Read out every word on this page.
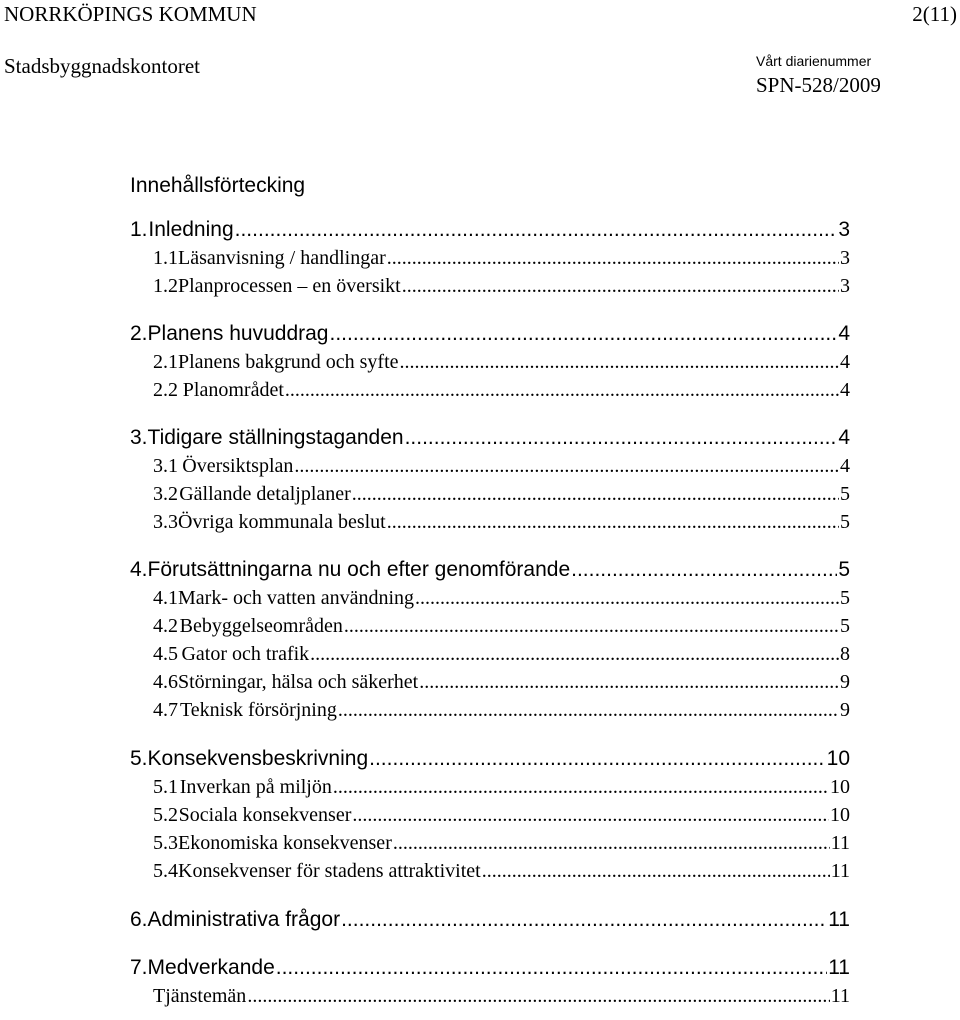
NORRKÖPINGS KOMMUN	2(11)
Stadsbyggnadskontoret	Vårt diarienummer
SPN-528/2009
Innehållsförtecking
1. Inledning .....	3
1.1 Läsanvisning / handlingar .....	3
1.2 Planprocessen – en översikt .....	3
2. Planens huvuddrag .....	4
2.1 Planens bakgrund och syfte .....	4
2.2 Planområdet .....	4
3. Tidigare ställningstaganden .....	4
3.1 Översiktsplan .....	4
3.2 Gällande detaljplaner .....	5
3.3 Övriga kommunala beslut .....	5
4. Förutsättningarna nu och efter genomförande .....	5
4.1 Mark- och vatten användning .....	5
4.2 Bebyggelseområden .....	5
4.5 Gator och trafik .....	8
4.6 Störningar, hälsa och säkerhet .....	9
4.7 Teknisk försörjning .....	9
5. Konsekvensbeskrivning .....	10
5.1 Inverkan på miljön .....	10
5.2 Sociala konsekvenser .....	10
5.3 Ekonomiska konsekvenser .....	11
5.4 Konsekvenser för stadens attraktivitet .....	11
6. Administrativa frågor .....	11
7. Medverkande .....	11
Tjänstemän .....	11
